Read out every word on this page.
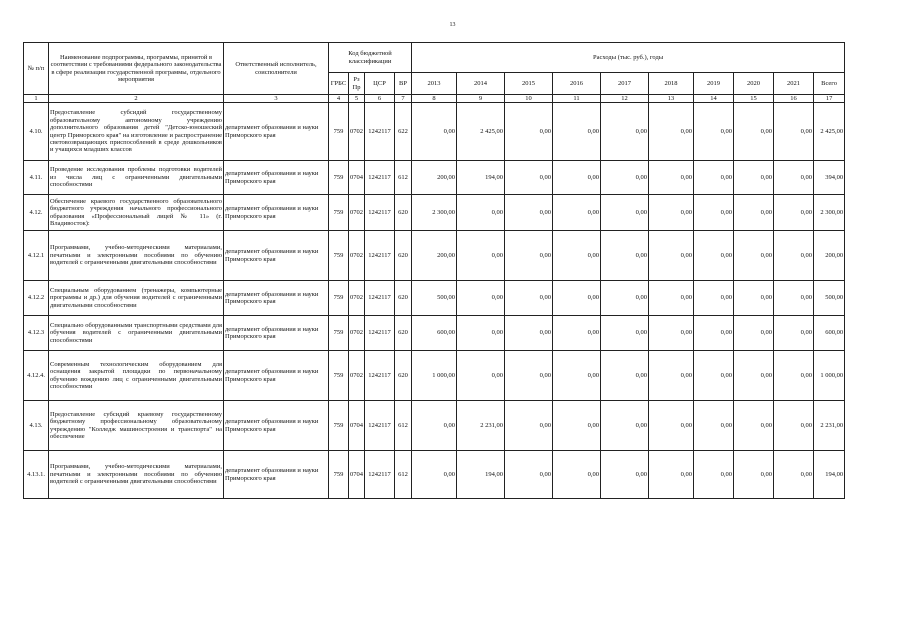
13
№ п/п	Наименование подпрограммы, программы, принятой в соответствии с требованиями федерального законодательства в сфере реализации государственной программы, отдельного мероприятия	Ответственный исполнитель, соисполнители	Код бюджетной классификации				Расходы (тыс. руб.), годы									
			ГРБС	Рз Пр	ЦСР	ВР	2013	2014	2015	2016	2017	2018	2019	2020	2021	Всего
1	2	3	4	5	6	7	8	9	10	11	12	13	14	15	16	17
4.10.	Предоставление субсидий государственному образовательному автономному учреждению дополнительного образования детей "Детско-юношеский центр Приморского края" на изготовление и распространение световозвращающих приспособлений в среде дошкольников и учащихся младших классов	департамент образования и науки Приморского края	759	0702	1242117	622	0,00	2 425,00	0,00	0,00	0,00	0,00	0,00	0,00	0,00	2 425,00
4.11.	Проведение исследования проблемы подготовки водителей из числа лиц с ограниченными двигательными способностями	департамент образования и науки Приморского края	759	0704	1242117	612	200,00	194,00	0,00	0,00	0,00	0,00	0,00	0,00	0,00	394,00
4.12.	Обеспечение краевого государственного образовательного бюджетного учреждения начального профессионального образования «Профессиональный лицей № 11» (г. Владивосток):	департамент образования и науки Приморского края	759	0702	1242117	620	2 300,00	0,00	0,00	0,00	0,00	0,00	0,00	0,00	0,00	2 300,00
4.12.1	Программами, учебно-методическими материалами, печатными и электронными пособиями по обучению водителей с ограниченными двигательными способностями	департамент образования и науки Приморского края	759	0702	1242117	620	200,00	0,00	0,00	0,00	0,00	0,00	0,00	0,00	0,00	200,00
4.12.2	Специальным оборудованием (тренажеры, компьютерные программы и др.) для обучения водителей с ограниченными двигательными способностями	департамент образования и науки Приморского края	759	0702	1242117	620	500,00	0,00	0,00	0,00	0,00	0,00	0,00	0,00	0,00	500,00
4.12.3	Специально оборудованными транспортными средствами для обучения водителей с ограниченными двигательными способностями	департамент образования и науки Приморского края	759	0702	1242117	620	600,00	0,00	0,00	0,00	0,00	0,00	0,00	0,00	0,00	600,00
4.12.4.	Современным технологическим оборудованием для оснащения закрытой площадки по первоначальному обучению вождению лиц с ограниченными двигательными способностями	департамент образования и науки Приморского края	759	0702	1242117	620	1 000,00	0,00	0,00	0,00	0,00	0,00	0,00	0,00	0,00	1 000,00
4.13.	Предоставление субсидий краевому государственному бюджетному профессиональному образовательному учреждению "Колледж машиностроения и транспорта" на обеспечение	департамент образования и науки Приморского края	759	0704	1242117	612	0,00	2 231,00	0,00	0,00	0,00	0,00	0,00	0,00	0,00	2 231,00
4.13.1.	Программами, учебно-методическими материалами, печатными и электронными пособиями по обучению водителей с ограниченными двигательными способностями	департамент образования и науки Приморского края	759	0704	1242117	612	0,00	194,00	0,00	0,00	0,00	0,00	0,00	0,00	0,00	194,00
